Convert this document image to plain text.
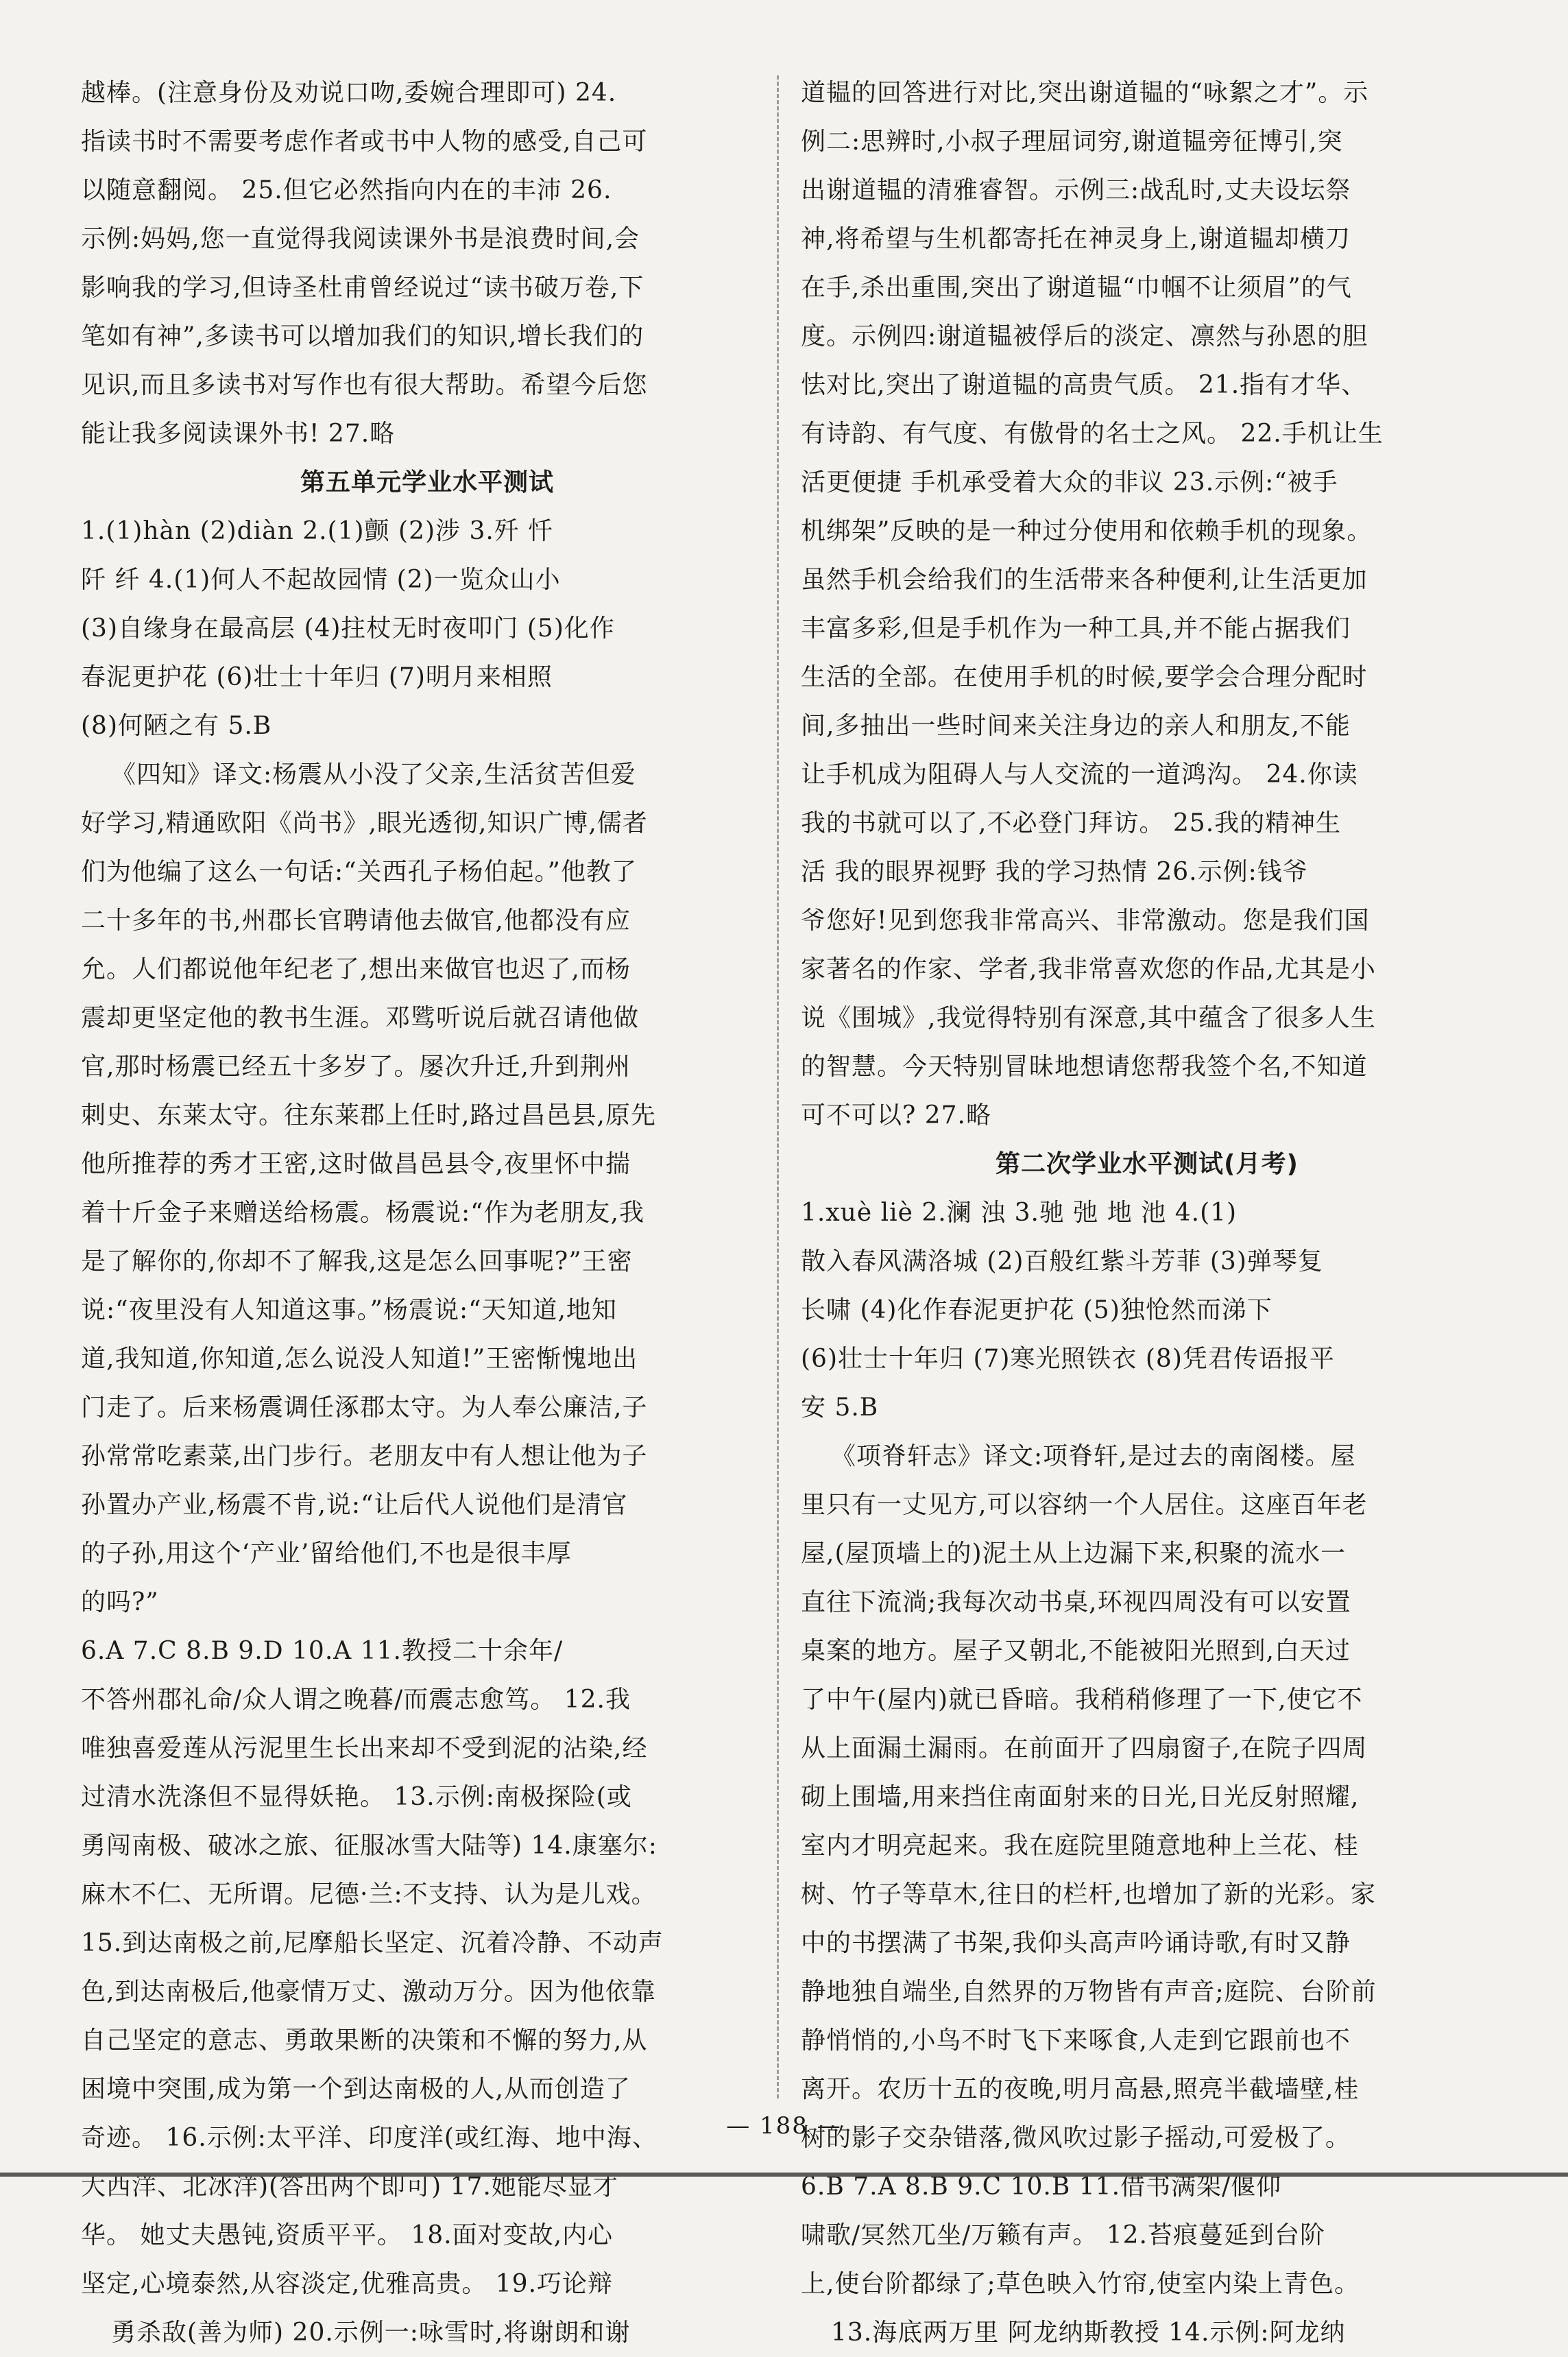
越棒。(注意身份及劝说口吻,委婉合理即可) 24.
指读书时不需要考虑作者或书中人物的感受,自己可
以随意翻阅。 25.但它必然指向内在的丰沛 26.
示例:妈妈,您一直觉得我阅读课外书是浪费时间,会
影响我的学习,但诗圣杜甫曾经说过“读书破万卷,下
笔如有神”,多读书可以增加我们的知识,增长我们的
见识,而且多读书对写作也有很大帮助。希望今后您
能让我多阅读课外书! 27.略
第五单元学业水平测试
1.(1)hàn (2)diàn 2.(1)颤 (2)涉 3.歼 忏
阡 纤 4.(1)何人不起故园情 (2)一览众山小
(3)自缘身在最高层 (4)拄杖无时夜叩门 (5)化作
春泥更护花 (6)壮士十年归 (7)明月来相照
(8)何陋之有 5.B
《四知》译文:杨震从小没了父亲,生活贫苦但爱
好学习,精通欧阳《尚书》,眼光透彻,知识广博,儒者
们为他编了这么一句话:“关西孔子杨伯起。”他教了
二十多年的书,州郡长官聘请他去做官,他都没有应
允。人们都说他年纪老了,想出来做官也迟了,而杨
震却更坚定他的教书生涯。邓骘听说后就召请他做
官,那时杨震已经五十多岁了。屡次升迁,升到荆州
刺史、东莱太守。往东莱郡上任时,路过昌邑县,原先
他所推荐的秀才王密,这时做昌邑县令,夜里怀中揣
着十斤金子来赠送给杨震。杨震说:“作为老朋友,我
是了解你的,你却不了解我,这是怎么回事呢?”王密
说:“夜里没有人知道这事。”杨震说:“天知道,地知
道,我知道,你知道,怎么说没人知道!”王密惭愧地出
门走了。后来杨震调任涿郡太守。为人奉公廉洁,子
孙常常吃素菜,出门步行。老朋友中有人想让他为子
孙置办产业,杨震不肯,说:“让后代人说他们是清官
的子孙,用这个‘产业’留给他们,不也是很丰厚
的吗?”
6.A 7.C 8.B 9.D 10.A 11.教授二十余年/
不答州郡礼命/众人谓之晚暮/而震志愈笃。 12.我
唯独喜爱莲从污泥里生长出来却不受到泥的沾染,经
过清水洗涤但不显得妖艳。 13.示例:南极探险(或
勇闯南极、破冰之旅、征服冰雪大陆等) 14.康塞尔:
麻木不仁、无所谓。尼德·兰:不支持、认为是儿戏。
15.到达南极之前,尼摩船长坚定、沉着冷静、不动声
色,到达南极后,他豪情万丈、激动万分。因为他依靠
自己坚定的意志、勇敢果断的决策和不懈的努力,从
困境中突围,成为第一个到达南极的人,从而创造了
奇迹。 16.示例:太平洋、印度洋(或红海、地中海、
大西洋、北冰洋)(答出两个即可) 17.她能尽显才
华。 她丈夫愚钝,资质平平。 18.面对变故,内心
坚定,心境泰然,从容淡定,优雅高贵。 19.巧论辩
勇杀敌(善为师) 20.示例一:咏雪时,将谢朗和谢
道韫的回答进行对比,突出谢道韫的“咏絮之才”。示
例二:思辨时,小叔子理屈词穷,谢道韫旁征博引,突
出谢道韫的清雅睿智。示例三:战乱时,丈夫设坛祭
神,将希望与生机都寄托在神灵身上,谢道韫却横刀
在手,杀出重围,突出了谢道韫“巾帼不让须眉”的气
度。示例四:谢道韫被俘后的淡定、凛然与孙恩的胆
怯对比,突出了谢道韫的高贵气质。 21.指有才华、
有诗韵、有气度、有傲骨的名士之风。 22.手机让生
活更便捷 手机承受着大众的非议 23.示例:“被手
机绑架”反映的是一种过分使用和依赖手机的现象。
虽然手机会给我们的生活带来各种便利,让生活更加
丰富多彩,但是手机作为一种工具,并不能占据我们
生活的全部。在使用手机的时候,要学会合理分配时
间,多抽出一些时间来关注身边的亲人和朋友,不能
让手机成为阻碍人与人交流的一道鸿沟。 24.你读
我的书就可以了,不必登门拜访。 25.我的精神生
活 我的眼界视野 我的学习热情 26.示例:钱爷
爷您好!见到您我非常高兴、非常激动。您是我们国
家著名的作家、学者,我非常喜欢您的作品,尤其是小
说《围城》,我觉得特别有深意,其中蕴含了很多人生
的智慧。今天特别冒昧地想请您帮我签个名,不知道
可不可以? 27.略
第二次学业水平测试(月考)
1.xuè liè 2.澜 浊 3.驰 弛 地 池 4.(1)
散入春风满洛城 (2)百般红紫斗芳菲 (3)弹琴复
长啸 (4)化作春泥更护花 (5)独怆然而涕下
(6)壮士十年归 (7)寒光照铁衣 (8)凭君传语报平
安 5.B
《项脊轩志》译文:项脊轩,是过去的南阁楼。屋
里只有一丈见方,可以容纳一个人居住。这座百年老
屋,(屋顶墙上的)泥土从上边漏下来,积聚的流水一
直往下流淌;我每次动书桌,环视四周没有可以安置
桌案的地方。屋子又朝北,不能被阳光照到,白天过
了中午(屋内)就已昏暗。我稍稍修理了一下,使它不
从上面漏土漏雨。在前面开了四扇窗子,在院子四周
砌上围墙,用来挡住南面射来的日光,日光反射照耀,
室内才明亮起来。我在庭院里随意地种上兰花、桂
树、竹子等草木,往日的栏杆,也增加了新的光彩。家
中的书摆满了书架,我仰头高声吟诵诗歌,有时又静
静地独自端坐,自然界的万物皆有声音;庭院、台阶前
静悄悄的,小鸟不时飞下来啄食,人走到它跟前也不
离开。农历十五的夜晚,明月高悬,照亮半截墙壁,桂
树的影子交杂错落,微风吹过影子摇动,可爱极了。
6.B 7.A 8.B 9.C 10.B 11.借书满架/偃仰
啸歌/冥然兀坐/万籁有声。 12.苔痕蔓延到台阶
上,使台阶都绿了;草色映入竹帘,使室内染上青色。
13.海底两万里 阿龙纳斯教授 14.示例:阿龙纳
— 188 —
